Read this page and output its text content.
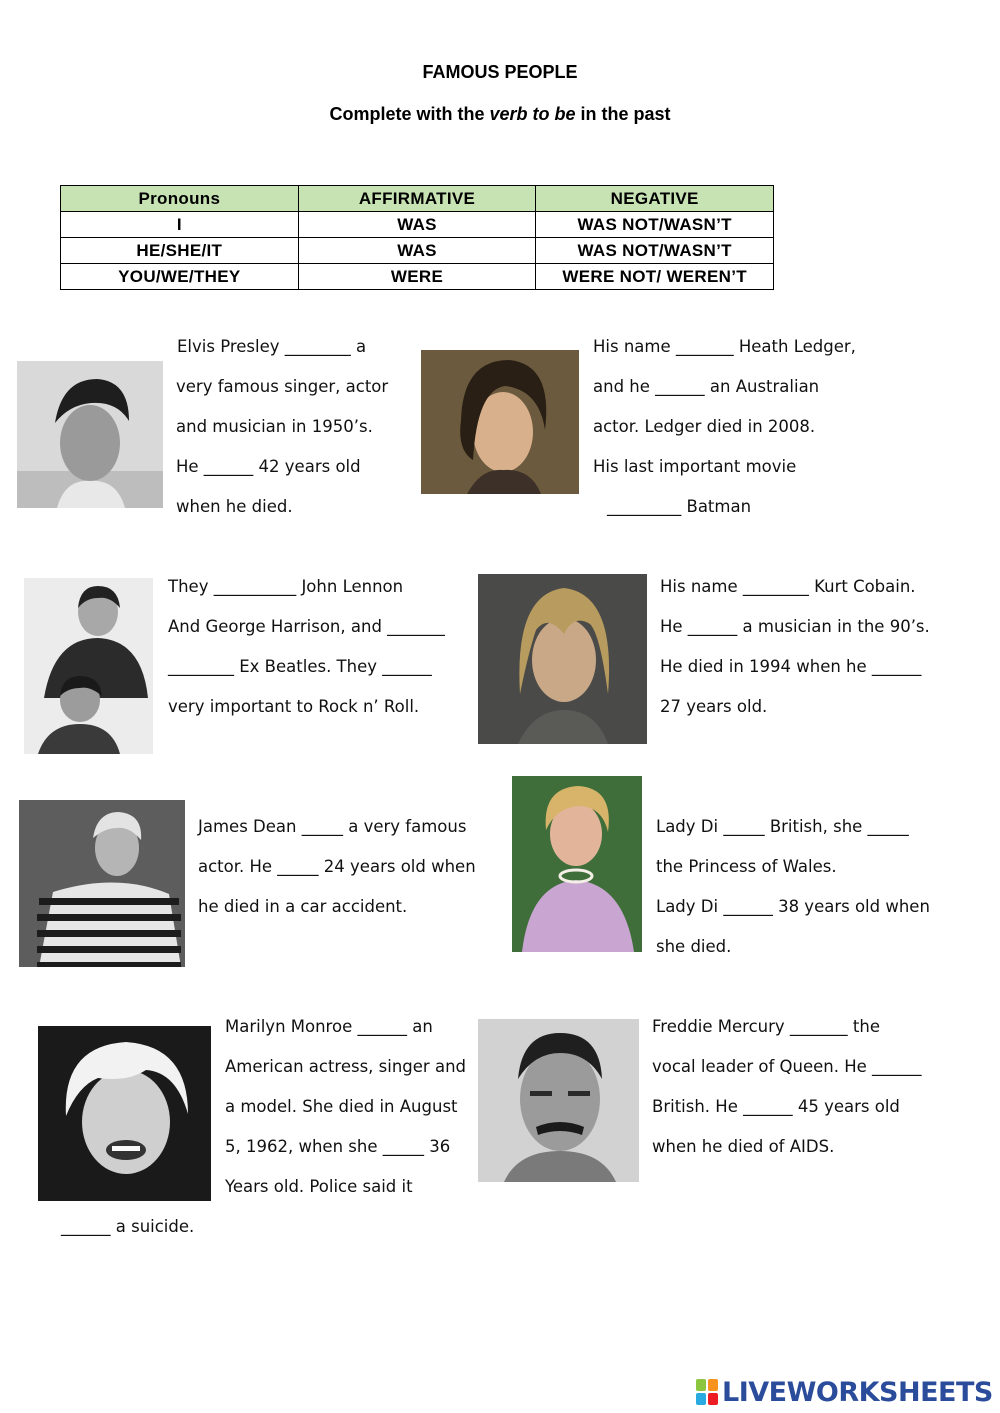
FAMOUS PEOPLE
Complete with the verb to be in the past
Pronouns	AFFIRMATIVE	NEGATIVE
I	WAS	WAS NOT/WASN’T
HE/SHE/IT	WAS	WAS NOT/WASN’T
YOU/WE/THEY	WERE	WERE NOT/ WEREN’T
Elvis Presley ________ a
very famous singer, actor
and musician in 1950’s.
He ______ 42 years old
when he died.
His name _______ Heath Ledger,
and he ______ an Australian
actor. Ledger died in 2008.
His last important movie
_________ Batman
They __________ John Lennon
And George Harrison, and _______
________ Ex Beatles. They ______
very important to Rock n’ Roll.
His name ________ Kurt Cobain.
He ______ a musician in the 90’s.
He died in 1994 when he ______
27 years old.
James Dean _____ a very famous
actor. He _____ 24 years old when
he died in a car accident.
Lady Di _____ British, she _____
the Princess of Wales.
Lady Di ______ 38 years old when
she died.
Marilyn Monroe ______ an
American actress, singer and
a model. She died in August
5, 1962, when she _____ 36
Years old. Police said it
______ a suicide.
Freddie Mercury _______ the
vocal leader of Queen. He ______
British. He ______ 45 years old
when he died of AIDS.
LIVEWORKSHEETS
